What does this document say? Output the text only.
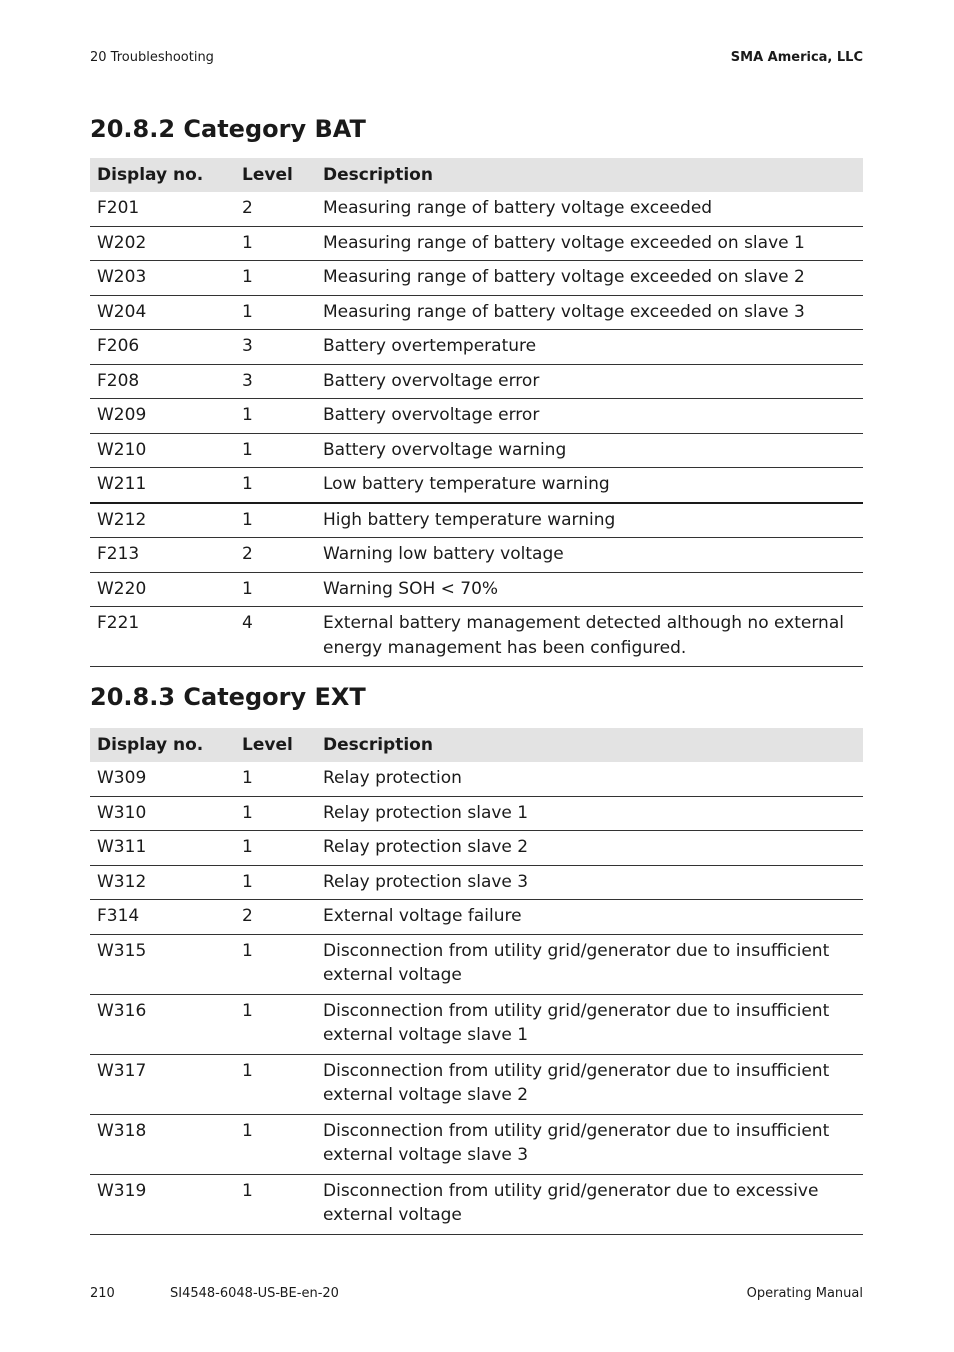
20 Troubleshooting	SMA America, LLC
20.8.2 Category BAT
Display no.	Level	Description
F201	2	Measuring range of battery voltage exceeded
W202	1	Measuring range of battery voltage exceeded on slave 1
W203	1	Measuring range of battery voltage exceeded on slave 2
W204	1	Measuring range of battery voltage exceeded on slave 3
F206	3	Battery overtemperature
F208	3	Battery overvoltage error
W209	1	Battery overvoltage error
W210	1	Battery overvoltage warning
W211	1	Low battery temperature warning
W212	1	High battery temperature warning
F213	2	Warning low battery voltage
W220	1	Warning SOH < 70%
F221	4	External battery management detected although no external energy management has been configured.
20.8.3 Category EXT
Display no.	Level	Description
W309	1	Relay protection
W310	1	Relay protection slave 1
W311	1	Relay protection slave 2
W312	1	Relay protection slave 3
F314	2	External voltage failure
W315	1	Disconnection from utility grid/generator due to insufficient external voltage
W316	1	Disconnection from utility grid/generator due to insufficient external voltage slave 1
W317	1	Disconnection from utility grid/generator due to insufficient external voltage slave 2
W318	1	Disconnection from utility grid/generator due to insufficient external voltage slave 3
W319	1	Disconnection from utility grid/generator due to excessive external voltage
210	SI4548-6048-US-BE-en-20	Operating Manual
